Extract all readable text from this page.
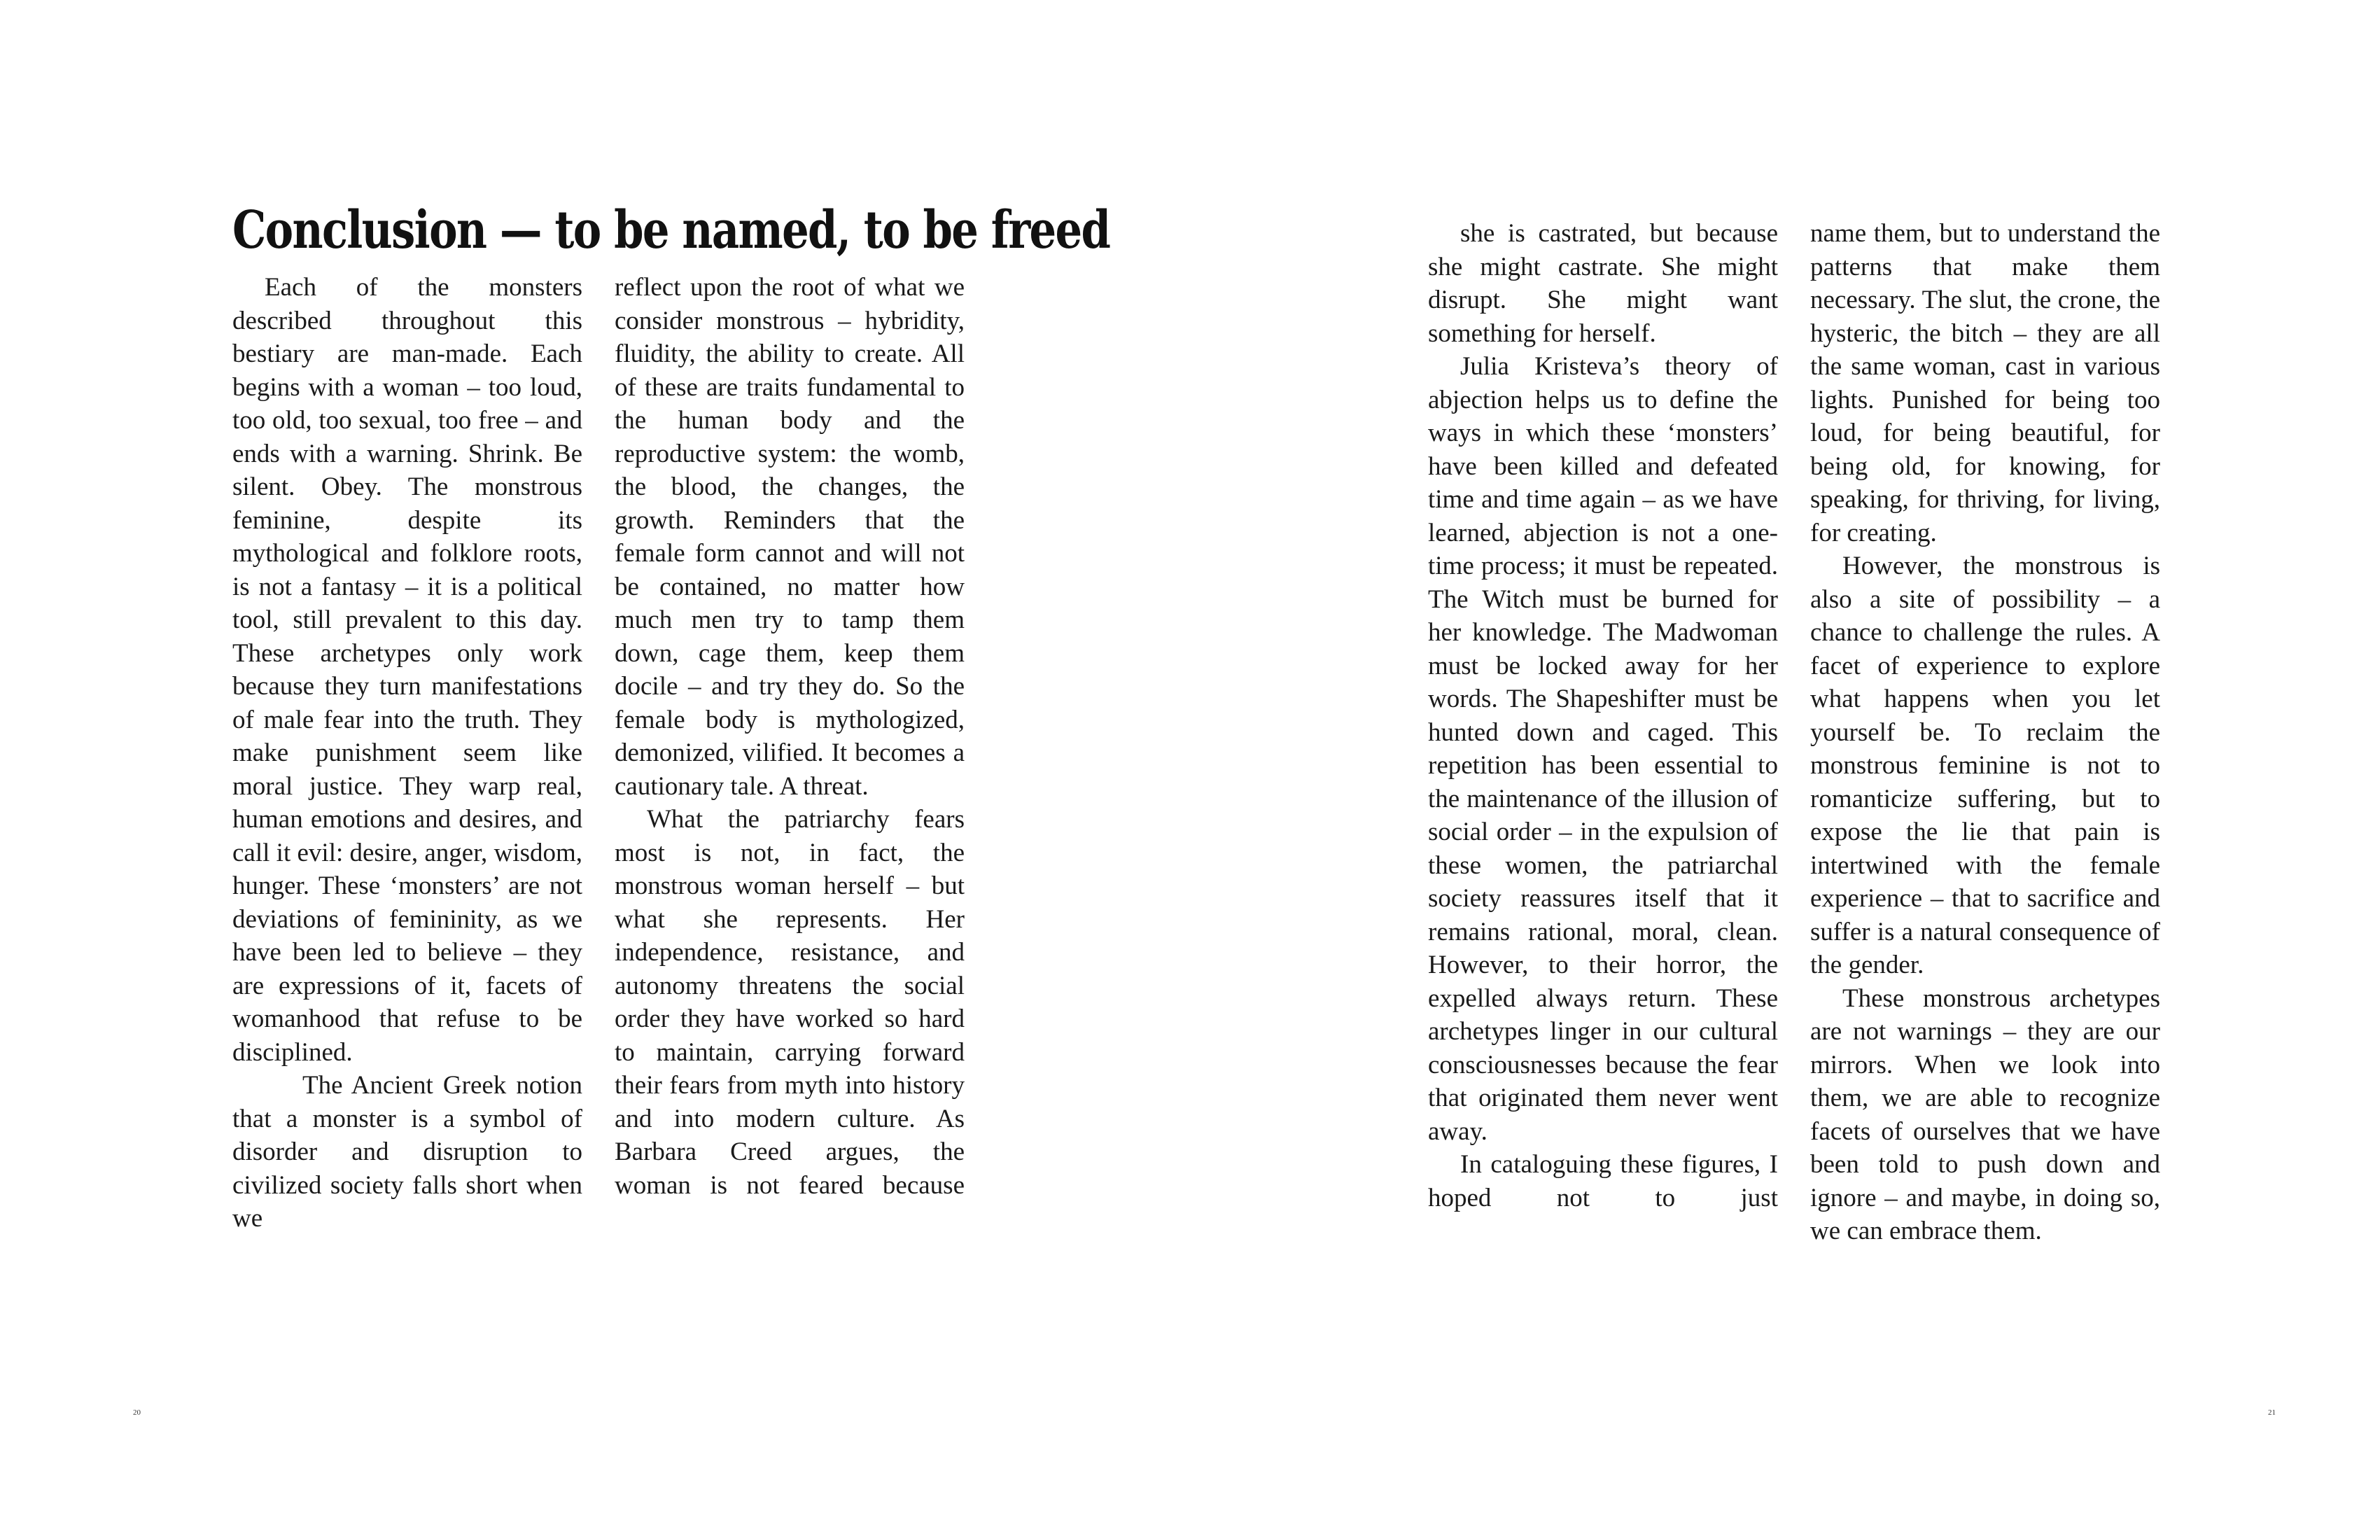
Conclusion — to be named, to be freed

Each of the monsters described throughout this bestiary are man-made. Each begins with a woman – too loud, too old, too sexual, too free – and ends with a warning. Shrink. Be silent. Obey. The monstrous feminine, despite its mythological and folklore roots, is not a fantasy – it is a political tool, still prevalent to this day. These archetypes only work because they turn manifestations of male fear into the truth. They make punishment seem like moral justice. They warp real, human emotions and desires, and call it evil: desire, anger, wisdom, hunger. These ‘monsters’ are not deviations of femininity, as we have been led to believe – they are expressions of it, facets of womanhood that refuse to be disciplined.

The Ancient Greek notion that a monster is a symbol of disorder and disruption to civilized society falls short when we

reflect upon the root of what we consider monstrous – hybridity, fluidity, the ability to create. All of these are traits fundamental to the human body and the reproductive system: the womb, the blood, the changes, the growth. Reminders that the female form cannot and will not be contained, no matter how much men try to tamp them down, cage them, keep them docile – and try they do. So the female body is mythologized, demonized, vilified. It becomes a cautionary tale. A threat.

What the patriarchy fears most is not, in fact, the monstrous woman herself – but what she represents. Her independence, resistance, and autonomy threatens the social order they have worked so hard to maintain, carrying forward their fears from myth into history and into modern culture. As Barbara Creed argues, the woman is not feared because

20

she is castrated, but because she might castrate. She might disrupt. She might want something for herself.

Julia Kristeva’s theory of abjection helps us to define the ways in which these ‘monsters’ have been killed and defeated time and time again – as we have learned, abjection is not a one-time process; it must be repeated. The Witch must be burned for her knowledge. The Madwoman must be locked away for her words. The Shapeshifter must be hunted down and caged. This repetition has been essential to the maintenance of the illusion of social order – in the expulsion of these women, the patriarchal society reassures itself that it remains rational, moral, clean. However, to their horror, the expelled always return. These archetypes linger in our cultural consciousnesses because the fear that originated them never went away.

In cataloguing these figures, I hoped not to just

name them, but to understand the patterns that make them necessary. The slut, the crone, the hysteric, the bitch – they are all the same woman, cast in various lights. Punished for being too loud, for being beautiful, for being old, for knowing, for speaking, for thriving, for living, for creating.

However, the monstrous is also a site of possibility – a chance to challenge the rules. A facet of experience to explore what happens when you let yourself be. To reclaim the monstrous feminine is not to romanticize suffering, but to expose the lie that pain is intertwined with the female experience – that to sacrifice and suffer is a natural consequence of the gender.

These monstrous archetypes are not warnings – they are our mirrors. When we look into them, we are able to recognize facets of ourselves that we have been told to push down and ignore – and maybe, in doing so, we can embrace them.

21
